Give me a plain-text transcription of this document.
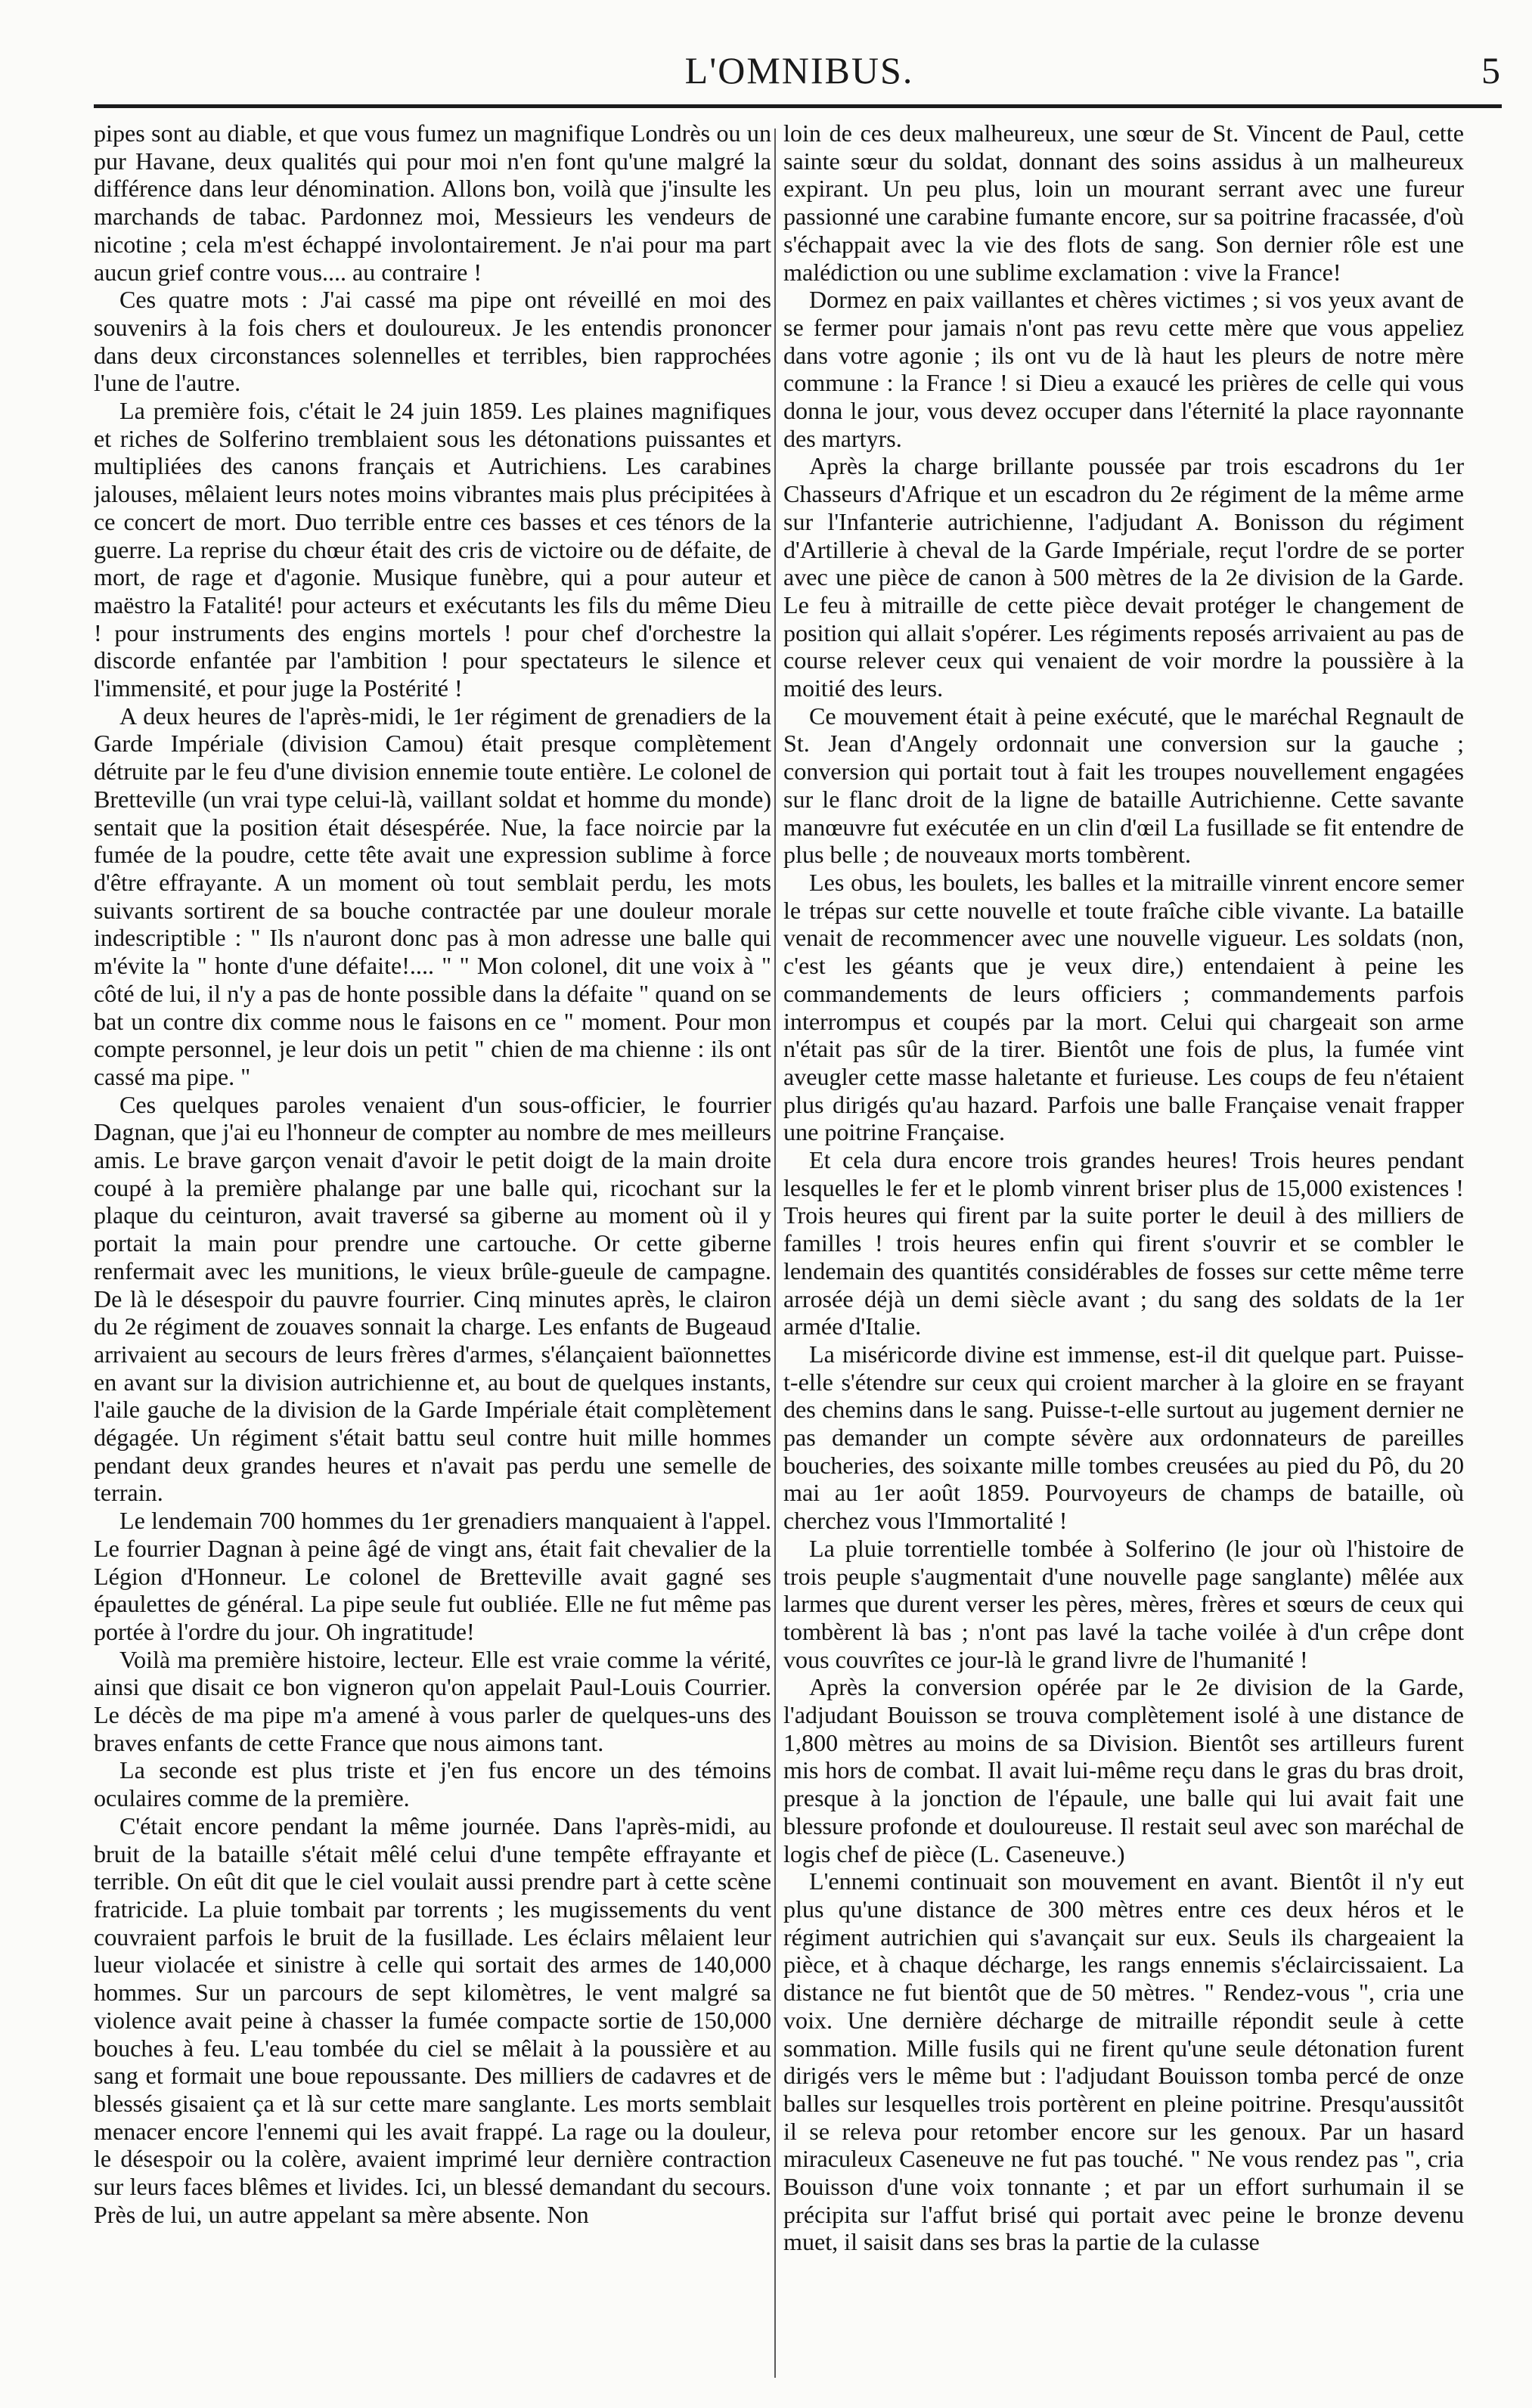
L'OMNIBUS.	5

pipes sont au diable, et que vous fumez un magnifique Londrès ou un pur Havane, deux qualités qui pour moi n'en font qu'une malgré la différence dans leur dénomination. Allons bon, voilà que j'insulte les marchands de tabac. Pardonnez moi, Messieurs les vendeurs de nicotine ; cela m'est échappé involontairement. Je n'ai pour ma part aucun grief contre vous.... au contraire !

Ces quatre mots : J'ai cassé ma pipe ont réveillé en moi des souvenirs à la fois chers et douloureux. Je les entendis prononcer dans deux circonstances solennelles et terribles, bien rapprochées l'une de l'autre.

La première fois, c'était le 24 juin 1859. Les plaines magnifiques et riches de Solferino tremblaient sous les détonations puissantes et multipliées des canons français et Autrichiens. Les carabines jalouses, mêlaient leurs notes moins vibrantes mais plus précipitées à ce concert de mort. Duo terrible entre ces basses et ces ténors de la guerre. La reprise du chœur était des cris de victoire ou de défaite, de mort, de rage et d'agonie. Musique funèbre, qui a pour auteur et maëstro la Fatalité! pour acteurs et exécutants les fils du même Dieu ! pour instruments des engins mortels ! pour chef d'orchestre la discorde enfantée par l'ambition ! pour spectateurs le silence et l'immensité, et pour juge la Postérité !

A deux heures de l'après-midi, le 1er régiment de grenadiers de la Garde Impériale (division Camou) était presque complètement détruite par le feu d'une division ennemie toute entière. Le colonel de Bretteville (un vrai type celui-là, vaillant soldat et homme du monde) sentait que la position était désespérée. Nue, la face noircie par la fumée de la poudre, cette tête avait une expression sublime à force d'être effrayante. A un moment où tout semblait perdu, les mots suivants sortirent de sa bouche contractée par une douleur morale indescriptible : " Ils n'auront donc pas à mon adresse une balle qui m'évite la " honte d'une défaite!.... " " Mon colonel, dit une voix à " côté de lui, il n'y a pas de honte possible dans la défaite " quand on se bat un contre dix comme nous le faisons en ce " moment. Pour mon compte personnel, je leur dois un petit " chien de ma chienne : ils ont cassé ma pipe. "

Ces quelques paroles venaient d'un sous-officier, le fourrier Dagnan, que j'ai eu l'honneur de compter au nombre de mes meilleurs amis. Le brave garçon venait d'avoir le petit doigt de la main droite coupé à la première phalange par une balle qui, ricochant sur la plaque du ceinturon, avait traversé sa giberne au moment où il y portait la main pour prendre une cartouche. Or cette giberne renfermait avec les munitions, le vieux brûle-gueule de campagne. De là le désespoir du pauvre fourrier. Cinq minutes après, le clairon du 2e régiment de zouaves sonnait la charge. Les enfants de Bugeaud arrivaient au secours de leurs frères d'armes, s'élançaient baïonnettes en avant sur la division autrichienne et, au bout de quelques instants, l'aile gauche de la division de la Garde Impériale était complètement dégagée. Un régiment s'était battu seul contre huit mille hommes pendant deux grandes heures et n'avait pas perdu une semelle de terrain.

Le lendemain 700 hommes du 1er grenadiers manquaient à l'appel. Le fourrier Dagnan à peine âgé de vingt ans, était fait chevalier de la Légion d'Honneur. Le colonel de Bretteville avait gagné ses épaulettes de général. La pipe seule fut oubliée. Elle ne fut même pas portée à l'ordre du jour. Oh ingratitude!

Voilà ma première histoire, lecteur. Elle est vraie comme la vérité, ainsi que disait ce bon vigneron qu'on appelait Paul-Louis Courrier. Le décès de ma pipe m'a amené à vous parler de quelques-uns des braves enfants de cette France que nous aimons tant.

La seconde est plus triste et j'en fus encore un des témoins oculaires comme de la première.

C'était encore pendant la même journée. Dans l'après-midi, au bruit de la bataille s'était mêlé celui d'une tempête effrayante et terrible. On eût dit que le ciel voulait aussi prendre part à cette scène fratricide. La pluie tombait par torrents ; les mugissements du vent couvraient parfois le bruit de la fusillade. Les éclairs mêlaient leur lueur violacée et sinistre à celle qui sortait des armes de 140,000 hommes. Sur un parcours de sept kilomètres, le vent malgré sa violence avait peine à chasser la fumée compacte sortie de 150,000 bouches à feu. L'eau tombée du ciel se mêlait à la poussière et au sang et formait une boue repoussante. Des milliers de cadavres et de blessés gisaient ça et là sur cette mare sanglante. Les morts semblait menacer encore l'ennemi qui les avait frappé. La rage ou la douleur, le désespoir ou la colère, avaient imprimé leur dernière contraction sur leurs faces blêmes et livides. Ici, un blessé demandant du secours. Près de lui, un autre appelant sa mère absente. Non

loin de ces deux malheureux, une sœur de St. Vincent de Paul, cette sainte sœur du soldat, donnant des soins assidus à un malheureux expirant. Un peu plus, loin un mourant serrant avec une fureur passionné une carabine fumante encore, sur sa poitrine fracassée, d'où s'échappait avec la vie des flots de sang. Son dernier rôle est une malédiction ou une sublime exclamation : vive la France!

Dormez en paix vaillantes et chères victimes ; si vos yeux avant de se fermer pour jamais n'ont pas revu cette mère que vous appeliez dans votre agonie ; ils ont vu de là haut les pleurs de notre mère commune : la France ! si Dieu a exaucé les prières de celle qui vous donna le jour, vous devez occuper dans l'éternité la place rayonnante des martyrs.

Après la charge brillante poussée par trois escadrons du 1er Chasseurs d'Afrique et un escadron du 2e régiment de la même arme sur l'Infanterie autrichienne, l'adjudant A. Bonisson du régiment d'Artillerie à cheval de la Garde Impériale, reçut l'ordre de se porter avec une pièce de canon à 500 mètres de la 2e division de la Garde. Le feu à mitraille de cette pièce devait protéger le changement de position qui allait s'opérer. Les régiments reposés arrivaient au pas de course relever ceux qui venaient de voir mordre la poussière à la moitié des leurs.

Ce mouvement était à peine exécuté, que le maréchal Regnault de St. Jean d'Angely ordonnait une conversion sur la gauche ; conversion qui portait tout à fait les troupes nouvellement engagées sur le flanc droit de la ligne de bataille Autrichienne. Cette savante manœuvre fut exécutée en un clin d'œil La fusillade se fit entendre de plus belle ; de nouveaux morts tombèrent.

Les obus, les boulets, les balles et la mitraille vinrent encore semer le trépas sur cette nouvelle et toute fraîche cible vivante. La bataille venait de recommencer avec une nouvelle vigueur. Les soldats (non, c'est les géants que je veux dire,) entendaient à peine les commandements de leurs officiers ; commandements parfois interrompus et coupés par la mort. Celui qui chargeait son arme n'était pas sûr de la tirer. Bientôt une fois de plus, la fumée vint aveugler cette masse haletante et furieuse. Les coups de feu n'étaient plus dirigés qu'au hazard. Parfois une balle Française venait frapper une poitrine Française.

Et cela dura encore trois grandes heures! Trois heures pendant lesquelles le fer et le plomb vinrent briser plus de 15,000 existences ! Trois heures qui firent par la suite porter le deuil à des milliers de familles ! trois heures enfin qui firent s'ouvrir et se combler le lendemain des quantités considérables de fosses sur cette même terre arrosée déjà un demi siècle avant ; du sang des soldats de la 1er armée d'Italie.

La miséricorde divine est immense, est-il dit quelque part. Puisse-t-elle s'étendre sur ceux qui croient marcher à la gloire en se frayant des chemins dans le sang. Puisse-t-elle surtout au jugement dernier ne pas demander un compte sévère aux ordonnateurs de pareilles boucheries, des soixante mille tombes creusées au pied du Pô, du 20 mai au 1er août 1859. Pourvoyeurs de champs de bataille, où cherchez vous l'Immortalité !

La pluie torrentielle tombée à Solferino (le jour où l'histoire de trois peuple s'augmentait d'une nouvelle page sanglante) mêlée aux larmes que durent verser les pères, mères, frères et sœurs de ceux qui tombèrent là bas ; n'ont pas lavé la tache voilée à d'un crêpe dont vous couvrîtes ce jour-là le grand livre de l'humanité !

Après la conversion opérée par le 2e division de la Garde, l'adjudant Bouisson se trouva complètement isolé à une distance de 1,800 mètres au moins de sa Division. Bientôt ses artilleurs furent mis hors de combat. Il avait lui-même reçu dans le gras du bras droit, presque à la jonction de l'épaule, une balle qui lui avait fait une blessure profonde et douloureuse. Il restait seul avec son maréchal de logis chef de pièce (L. Caseneuve.)

L'ennemi continuait son mouvement en avant. Bientôt il n'y eut plus qu'une distance de 300 mètres entre ces deux héros et le régiment autrichien qui s'avançait sur eux. Seuls ils chargeaient la pièce, et à chaque décharge, les rangs ennemis s'éclaircissaient. La distance ne fut bientôt que de 50 mètres. " Rendez-vous ", cria une voix. Une dernière décharge de mitraille répondit seule à cette sommation. Mille fusils qui ne firent qu'une seule détonation furent dirigés vers le même but : l'adjudant Bouisson tomba percé de onze balles sur lesquelles trois portèrent en pleine poitrine. Presqu'aussitôt il se releva pour retomber encore sur les genoux. Par un hasard miraculeux Caseneuve ne fut pas touché. " Ne vous rendez pas ", cria Bouisson d'une voix tonnante ; et par un effort surhumain il se précipita sur l'affut brisé qui portait avec peine le bronze devenu muet, il saisit dans ses bras la partie de la culasse
